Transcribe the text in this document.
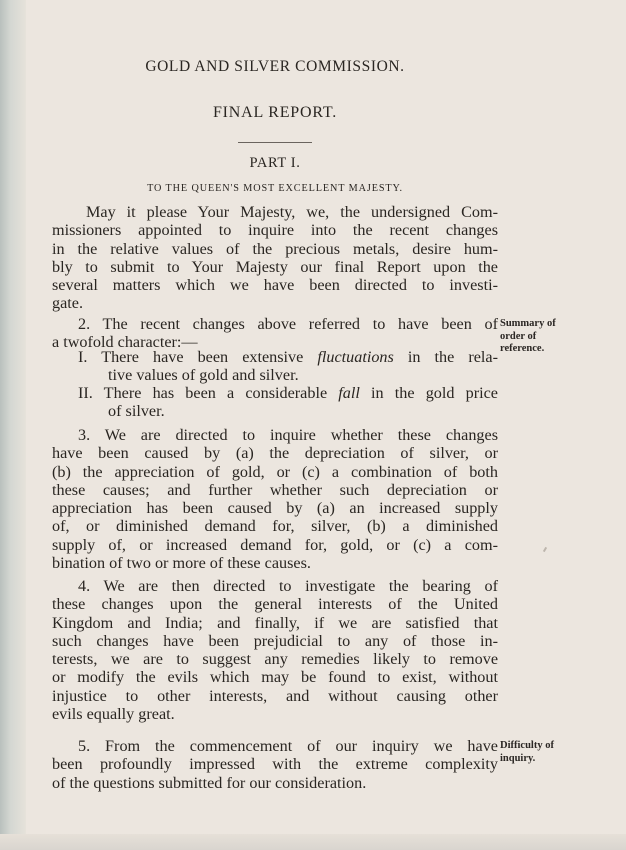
GOLD AND SILVER COMMISSION.
FINAL REPORT.
PART I.
TO THE QUEEN'S MOST EXCELLENT MAJESTY.
May it please Your Majesty, we, the undersigned Com-
missioners appointed to inquire into the recent changes
in the relative values of the precious metals, desire hum-
bly to submit to Your Majesty our final Report upon the
several matters which we have been directed to investi-
gate.
2. The recent changes above referred to have been of
a twofold character:—
I. There have been extensive fluctuations in the rela-
tive values of gold and silver.
II. There has been a considerable fall in the gold price
of silver.
3. We are directed to inquire whether these changes
have been caused by (a) the depreciation of silver, or
(b) the appreciation of gold, or (c) a combination of both
these causes; and further whether such depreciation or
appreciation has been caused by (a) an increased supply
of, or diminished demand for, silver, (b) a diminished
supply of, or increased demand for, gold, or (c) a com-
bination of two or more of these causes.
4. We are then directed to investigate the bearing of
these changes upon the general interests of the United
Kingdom and India; and finally, if we are satisfied that
such changes have been prejudicial to any of those in-
terests, we are to suggest any remedies likely to remove
or modify the evils which may be found to exist, without
injustice to other interests, and without causing other
evils equally great.
5. From the commencement of our inquiry we have
been profoundly impressed with the extreme complexity
of the questions submitted for our consideration.
Summary of
order of
reference.
Difficulty of
inquiry.
